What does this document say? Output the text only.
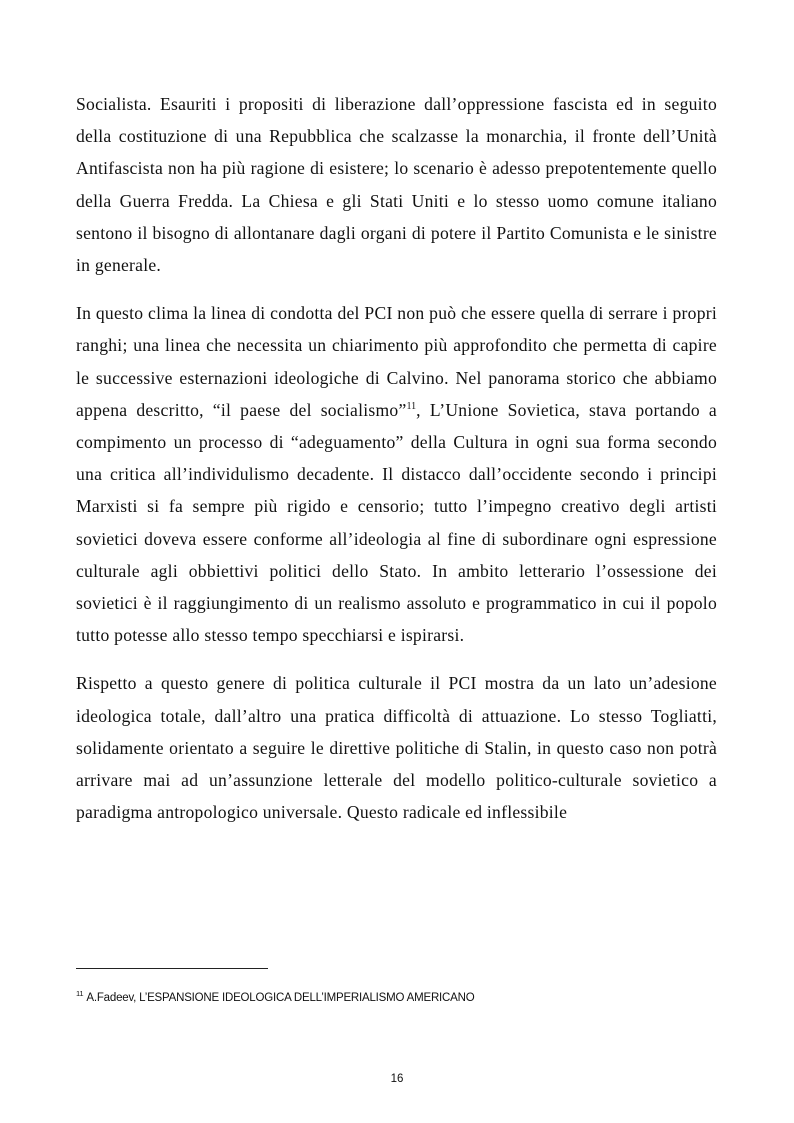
Socialista. Esauriti i propositi di liberazione dall’oppressione fascista ed in seguito della costituzione di una Repubblica che scalzasse la monarchia, il fronte dell’Unità Antifascista non ha più ragione di esistere; lo scenario è adesso prepotentemente quello della Guerra Fredda. La Chiesa e gli Stati Uniti e lo stesso uomo comune italiano sentono il bisogno di allontanare dagli organi di potere il Partito Comunista e le sinistre in generale.

In questo clima la linea di condotta del PCI non può che essere quella di serrare i propri ranghi; una linea che necessita un chiarimento più approfondito che permetta di capire le successive esternazioni ideologiche di Calvino. Nel panorama storico che abbiamo appena descritto, “il paese del socialismo”$^{11}$, L’Unione Sovietica, stava portando a compimento un processo di “adeguamento” della Cultura in ogni sua forma secondo una critica all’individulismo decadente. Il distacco dall’occidente secondo i principi Marxisti si fa sempre più rigido e censorio; tutto l’impegno creativo degli artisti sovietici doveva essere conforme all’ideologia al fine di subordinare ogni espressione culturale agli obbiettivi politici dello Stato. In ambito letterario l’ossessione dei sovietici è il raggiungimento di un realismo assoluto e programmatico in cui il popolo tutto potesse allo stesso tempo specchiarsi e ispirarsi.

Rispetto a questo genere di politica culturale il PCI mostra da un lato un’adesione ideologica totale, dall’altro una pratica difficoltà di attuazione. Lo stesso Togliatti, solidamente orientato a seguire le direttive politiche di Stalin, in questo caso non potrà arrivare mai ad un’assunzione letterale del modello politico-culturale sovietico a paradigma antropologico universale. Questo radicale ed inflessibile

$^{11}$ A.Fadeev, L’ESPANSIONE IDEOLOGICA DELL’IMPERIALISMO AMERICANO
16
